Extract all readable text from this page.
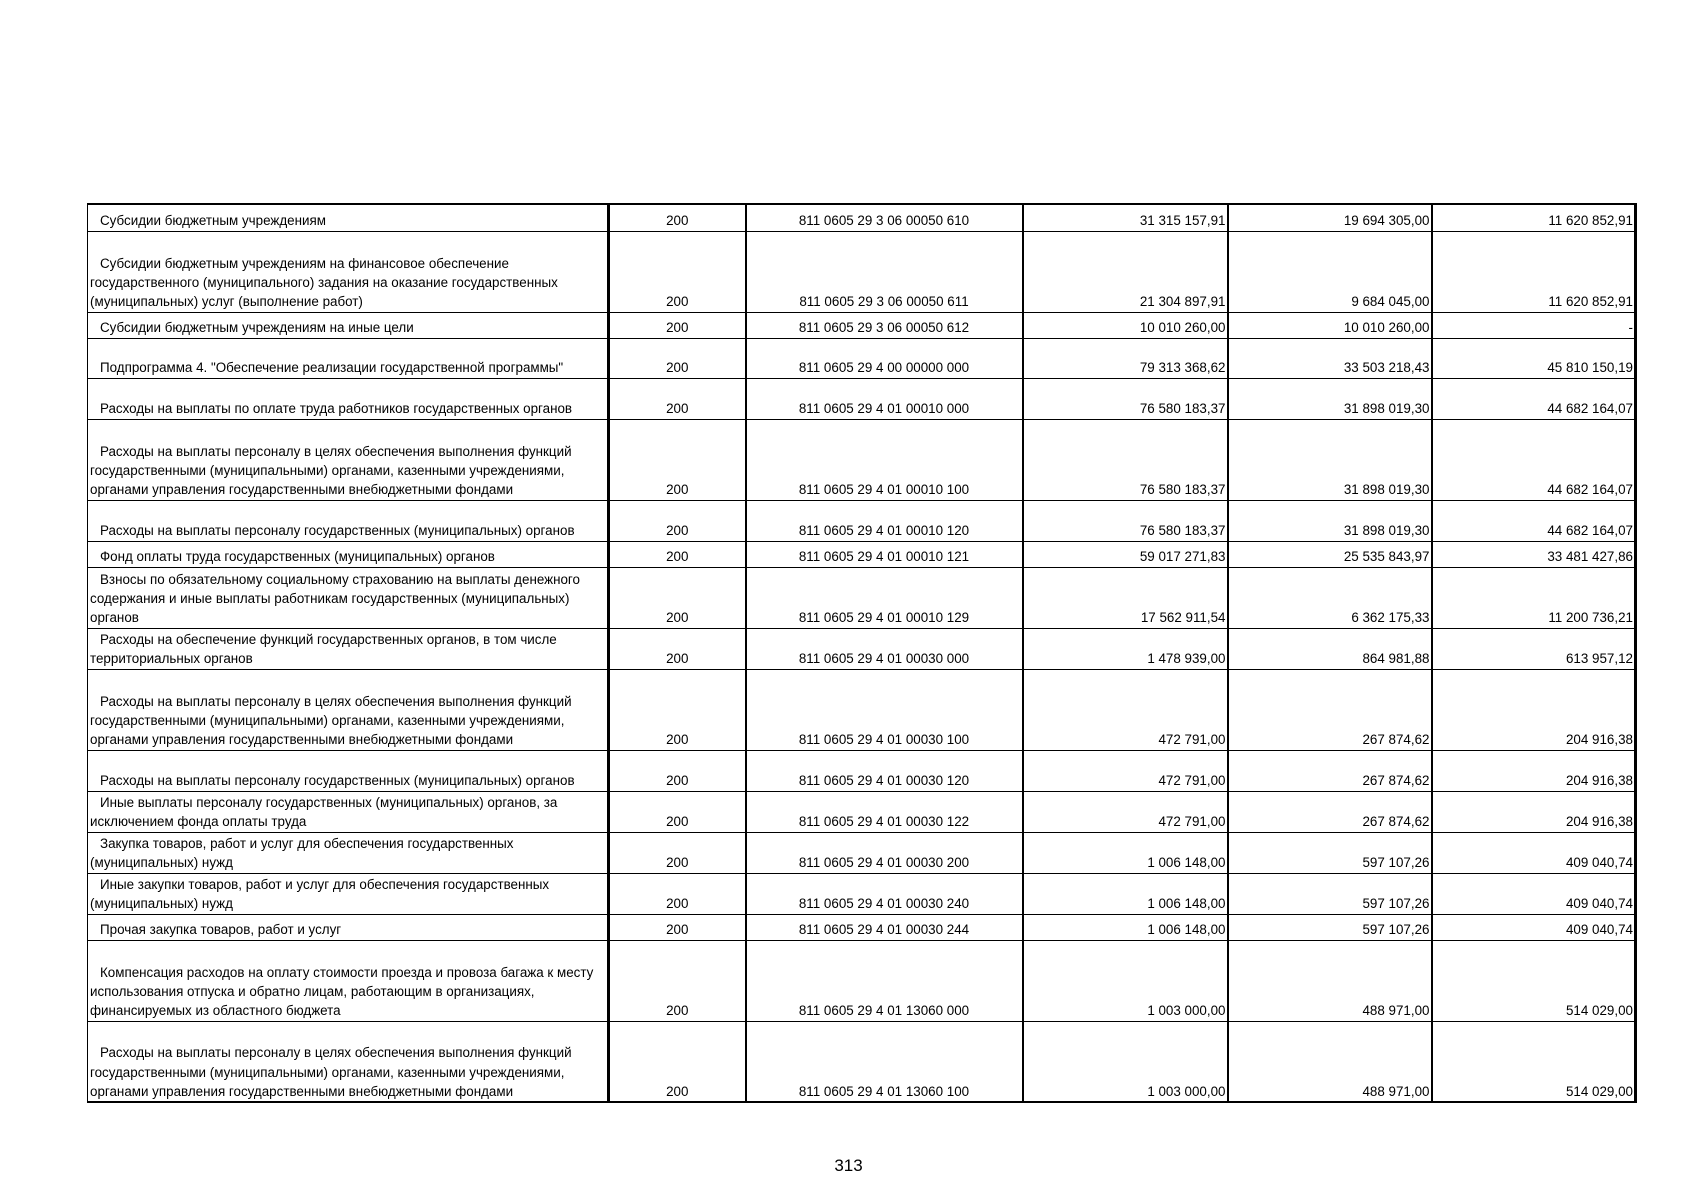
Субсидии бюджетным учреждениям	200	811 0605 29 3 06 00050 610	31 315 157,91	19 694 305,00	11 620 852,91
Субсидии бюджетным учреждениям на финансовое обеспечение государственного (муниципального) задания на оказание государственных (муниципальных) услуг (выполнение работ)	200	811 0605 29 3 06 00050 611	21 304 897,91	9 684 045,00	11 620 852,91
Субсидии бюджетным учреждениям на иные цели	200	811 0605 29 3 06 00050 612	10 010 260,00	10 010 260,00	-
Подпрограмма 4. "Обеспечение реализации государственной программы"	200	811 0605 29 4 00 00000 000	79 313 368,62	33 503 218,43	45 810 150,19
Расходы на выплаты по оплате труда работников государственных органов	200	811 0605 29 4 01 00010 000	76 580 183,37	31 898 019,30	44 682 164,07
Расходы на выплаты персоналу в целях обеспечения выполнения функций государственными (муниципальными) органами, казенными учреждениями, органами управления государственными внебюджетными фондами	200	811 0605 29 4 01 00010 100	76 580 183,37	31 898 019,30	44 682 164,07
Расходы на выплаты персоналу государственных (муниципальных) органов	200	811 0605 29 4 01 00010 120	76 580 183,37	31 898 019,30	44 682 164,07
Фонд оплаты труда государственных (муниципальных) органов	200	811 0605 29 4 01 00010 121	59 017 271,83	25 535 843,97	33 481 427,86
Взносы по обязательному социальному страхованию на выплаты денежного содержания и иные выплаты работникам государственных (муниципальных) органов	200	811 0605 29 4 01 00010 129	17 562 911,54	6 362 175,33	11 200 736,21
Расходы на обеспечение функций государственных органов, в том числе территориальных органов	200	811 0605 29 4 01 00030 000	1 478 939,00	864 981,88	613 957,12
Расходы на выплаты персоналу в целях обеспечения выполнения функций государственными (муниципальными) органами, казенными учреждениями, органами управления государственными внебюджетными фондами	200	811 0605 29 4 01 00030 100	472 791,00	267 874,62	204 916,38
Расходы на выплаты персоналу государственных (муниципальных) органов	200	811 0605 29 4 01 00030 120	472 791,00	267 874,62	204 916,38
Иные выплаты персоналу государственных (муниципальных) органов, за исключением фонда оплаты труда	200	811 0605 29 4 01 00030 122	472 791,00	267 874,62	204 916,38
Закупка товаров, работ и услуг для обеспечения государственных (муниципальных) нужд	200	811 0605 29 4 01 00030 200	1 006 148,00	597 107,26	409 040,74
Иные закупки товаров, работ и услуг для обеспечения государственных (муниципальных) нужд	200	811 0605 29 4 01 00030 240	1 006 148,00	597 107,26	409 040,74
Прочая закупка товаров, работ и услуг	200	811 0605 29 4 01 00030 244	1 006 148,00	597 107,26	409 040,74
Компенсация расходов на оплату стоимости проезда и провоза багажа к месту использования отпуска и обратно лицам, работающим в организациях, финансируемых из областного бюджета	200	811 0605 29 4 01 13060 000	1 003 000,00	488 971,00	514 029,00
Расходы на выплаты персоналу в целях обеспечения выполнения функций государственными (муниципальными) органами, казенными учреждениями, органами управления государственными внебюджетными фондами	200	811 0605 29 4 01 13060 100	1 003 000,00	488 971,00	514 029,00
313
